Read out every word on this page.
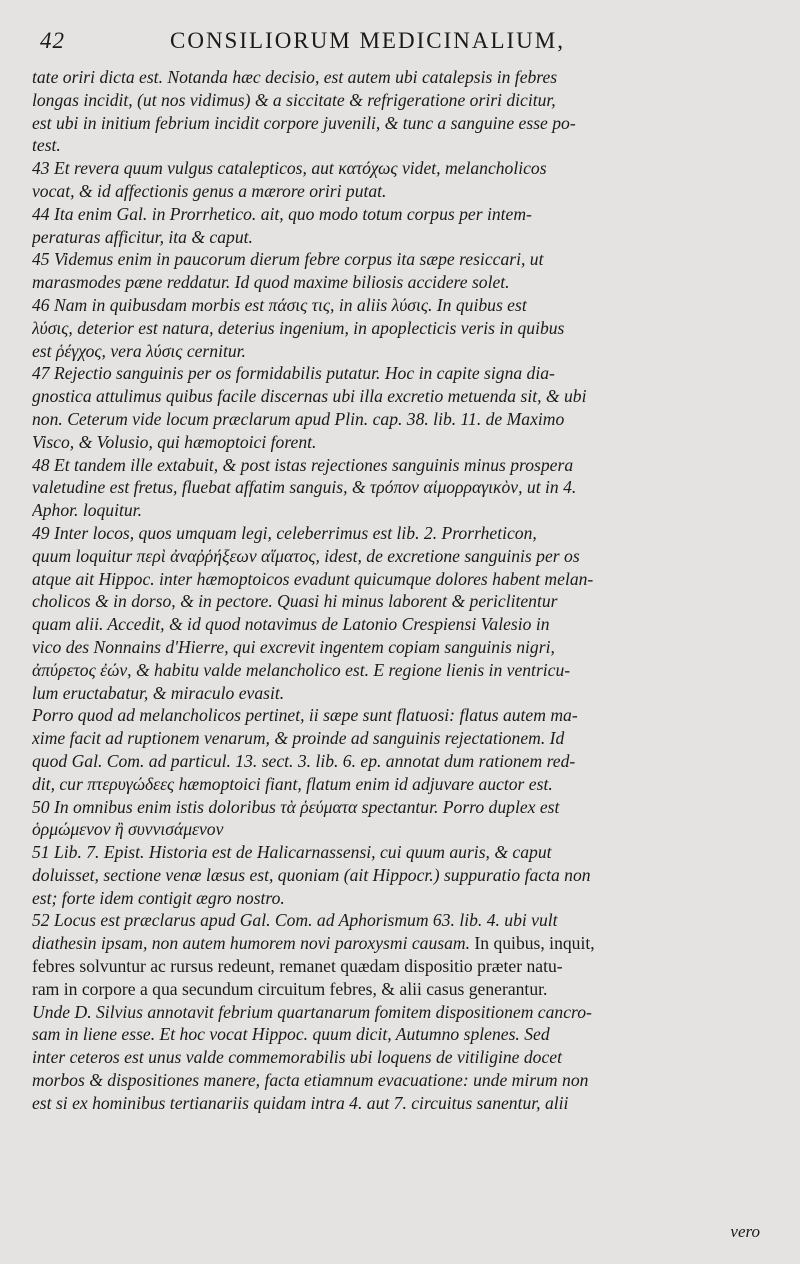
42	CONSILIORUM MEDICINALIUM,
tate oriri dicta est. Notanda hæc decisio, est autem ubi catalepsis in febres
longas incidit, (ut nos vidimus) & a siccitate & refrigeratione oriri dicitur,
est ubi in initium febrium incidit corpore juvenili, & tunc a sanguine esse po-
test.
43 Et revera quum vulgus catalepticos, aut κατόχως videt, melancholicos
vocat, & id affectionis genus a mærore oriri putat.
44 Ita enim Gal. in Prorrhetico. ait, quo modo totum corpus per intem-
peraturas afficitur, ita & caput.
45 Videmus enim in paucorum dierum febre corpus ita sæpe resiccari, ut
marasmodes pæne reddatur. Id quod maxime biliosis accidere solet.
46 Nam in quibusdam morbis est πάσις τις, in aliis λύσις. In quibus est
λύσις, deterior est natura, deterius ingenium, in apoplecticis veris in quibus
est ῥέγχος, vera λύσις cernitur.
47 Rejectio sanguinis per os formidabilis putatur. Hoc in capite signa dia-
gnostica attulimus quibus facile discernas ubi illa excretio metuenda sit, & ubi
non. Ceterum vide locum præclarum apud Plin. cap. 38. lib. 11. de Maximo
Visco, & Volusio, qui hæmoptoici forent.
48 Et tandem ille extabuit, & post istas rejectiones sanguinis minus prospera
valetudine est fretus, fluebat affatim sanguis, & τρόπον αἱμορραγικὸν, ut in 4.
Aphor. loquitur.
49 Inter locos, quos umquam legi, celeberrimus est lib. 2. Prorrheticon,
quum loquitur περὶ ἀναῤῥήξεων αἵματος, idest, de excretione sanguinis per os
atque ait Hippoc. inter hæmoptoicos evadunt quicumque dolores habent melan-
cholicos & in dorso, & in pectore. Quasi hi minus laborent & periclitentur
quam alii. Accedit, & id quod notavimus de Latonio Crespiensi Valesio in
vico des Nonnains d'Hierre, qui excrevit ingentem copiam sanguinis nigri,
ἀπύρετος ἐών, & habitu valde melancholico est. E regione lienis in ventricu-
lum eructabatur, & miraculo evasit.
Porro quod ad melancholicos pertinet, ii sæpe sunt flatuosi: flatus autem ma-
xime facit ad ruptionem venarum, & proinde ad sanguinis rejectationem. Id
quod Gal. Com. ad particul. 13. sect. 3. lib. 6. ep. annotat dum rationem red-
dit, cur πτερυγώδεες hæmoptoici fiant, flatum enim id adjuvare auctor est.
50 In omnibus enim istis doloribus τὰ ῥεύματα spectantur. Porro duplex est
ὁρμώμενον ἢ συννισάμενον
51 Lib. 7. Epist. Historia est de Halicarnassensi, cui quum auris, & caput
doluisset, sectione venæ læsus est, quoniam (ait Hippocr.) suppuratio facta non
est; forte idem contigit ægro nostro.
52 Locus est præclarus apud Gal. Com. ad Aphorismum 63. lib. 4. ubi vult
diathesin ipsam, non autem humorem novi paroxysmi causam. In quibus, inquit,
febres solvuntur ac rursus redeunt, remanet quædam dispositio præter natu-
ram in corpore a qua secundum circuitum febres, & alii casus generantur.
Unde D. Silvius annotavit febrium quartanarum fomitem dispositionem cancro-
sam in liene esse. Et hoc vocat Hippoc. quum dicit, Autumno splenes. Sed
inter ceteros est unus valde commemorabilis ubi loquens de vitiligine docet
morbos & dispositiones manere, facta etiamnum evacuatione: unde mirum non
est si ex hominibus tertianariis quidam intra 4. aut 7. circuitus sanentur, alii
vero
